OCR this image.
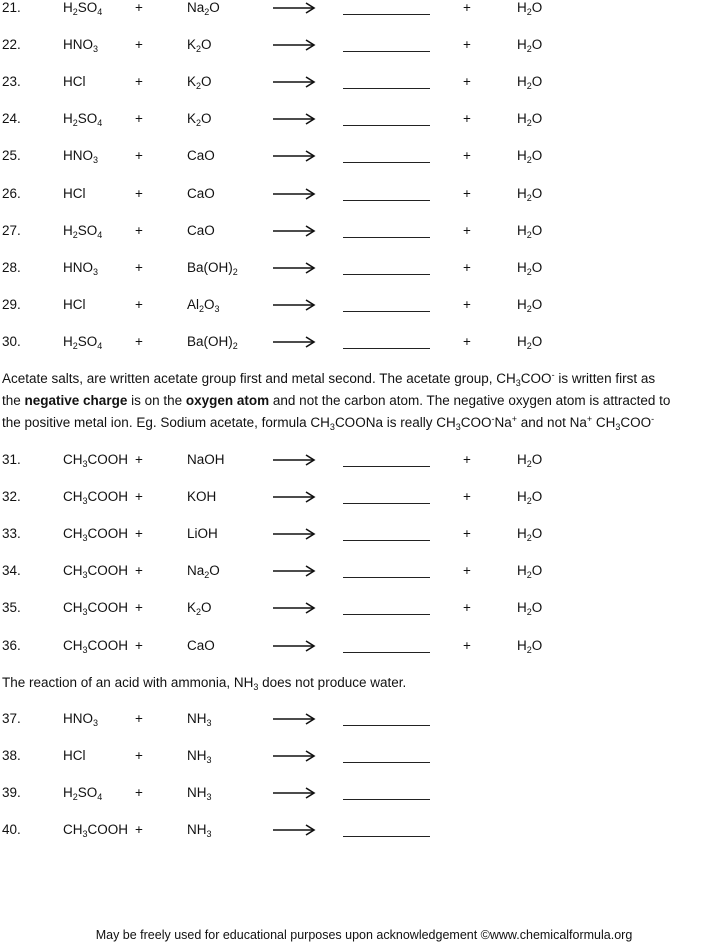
21.	$H_2SO_4$ +	$Na_2O$	+	$H_2O$
22.	$HNO_3$	+	$K_2O$	+	$H_2O$
23.	HCl	+	$K_2O$	+	$H_2O$
24.	$H_2SO_4$ +	$K_2O$	+	$H_2O$
25.	$HNO_3$	+	CaO	+	$H_2O$
26.	HCl	+	CaO	+	$H_2O$
27.	$H_2SO_4$ +	CaO	+	$H_2O$
28.	$HNO_3$	+	$Ba(OH)_2$	+	$H_2O$
29.	HCl	+	$Al_2O_3$	+	$H_2O$
30.	$H_2SO_4$ +	$Ba(OH)_2$	+	$H_2O$
Acetate salts, are written acetate group first and metal second. The acetate group, $CH_3COO^-$ is written first as
the negative charge is on the oxygen atom and not the carbon atom. The negative oxygen atom is attracted to
the positive metal ion. Eg. Sodium acetate, formula $CH_3COONa$ is really $CH_3COO^-Na^+$ and not Na+ $CH_3COO^-$
31.	$CH_3COOH$ +	NaOH	+	$H_2O$
32.	$CH_3COOH$ +	KOH	+	$H_2O$
33.	$CH_3COOH$ +	LiOH	+	$H_2O$
34.	$CH_3COOH$ +	$Na_2O$	+	$H_2O$
35.	$CH_3COOH$ +	$K_2O$	+	$H_2O$
36.	$CH_3COOH$ +	CaO	+	$H_2O$
The reaction of an acid with ammonia, $NH_3$ does not produce water.
37.	$HNO_3$	+	$NH_3$
38.	HCl	+	$NH_3$
39.	$H_2SO_4$ +	$NH_3$
40.	$CH_3COOH$ +	$NH_3$
May be freely used for educational purposes upon acknowledgement ©www.chemicalformula.org
